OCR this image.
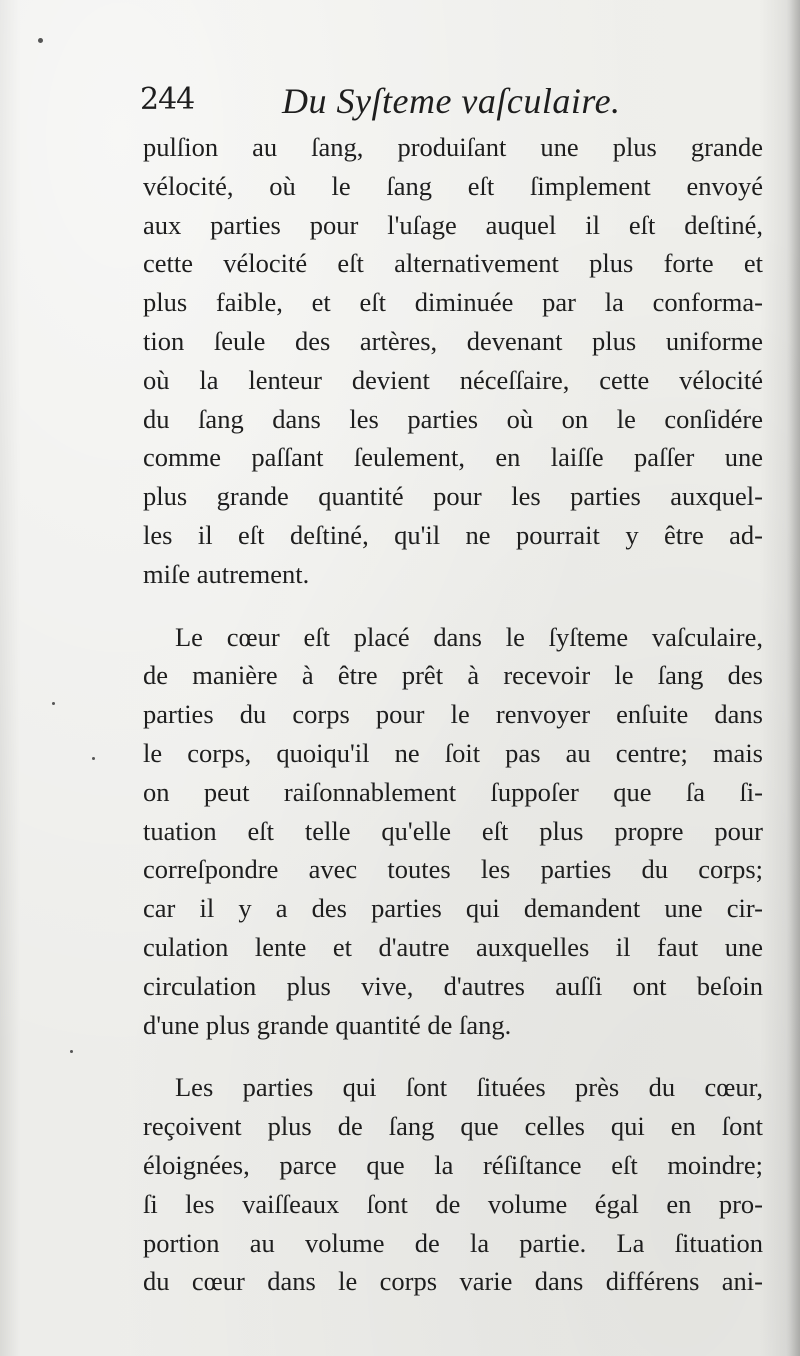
244 Du Syſteme vaſculaire.
pulſion au ſang, produiſant une plus grande
vélocité, où le ſang eſt ſimplement envoyé
aux parties pour l'uſage auquel il eſt deſtiné,
cette vélocité eſt alternativement plus forte et
plus faible, et eſt diminuée par la conforma-
tion ſeule des artères, devenant plus uniforme
où la lenteur devient néceſſaire, cette vélocité
du ſang dans les parties où on le conſidére
comme paſſant ſeulement, en laiſſe paſſer une
plus grande quantité pour les parties auxquel-
les il eſt deſtiné, qu'il ne pourrait y être ad-
miſe autrement.
Le cœur eſt placé dans le ſyſteme vaſculaire,
de manière à être prêt à recevoir le ſang des
parties du corps pour le renvoyer enſuite dans
le corps, quoiqu'il ne ſoit pas au centre; mais
on peut raiſonnablement ſuppoſer que ſa ſi-
tuation eſt telle qu'elle eſt plus propre pour
correſpondre avec toutes les parties du corps;
car il y a des parties qui demandent une cir-
culation lente et d'autre auxquelles il faut une
circulation plus vive, d'autres auſſi ont beſoin
d'une plus grande quantité de ſang.
Les parties qui ſont ſituées près du cœur,
reçoivent plus de ſang que celles qui en ſont
éloignées, parce que la réſiſtance eſt moindre;
ſi les vaiſſeaux ſont de volume égal en pro-
portion au volume de la partie. La ſituation
du cœur dans le corps varie dans différens ani-
